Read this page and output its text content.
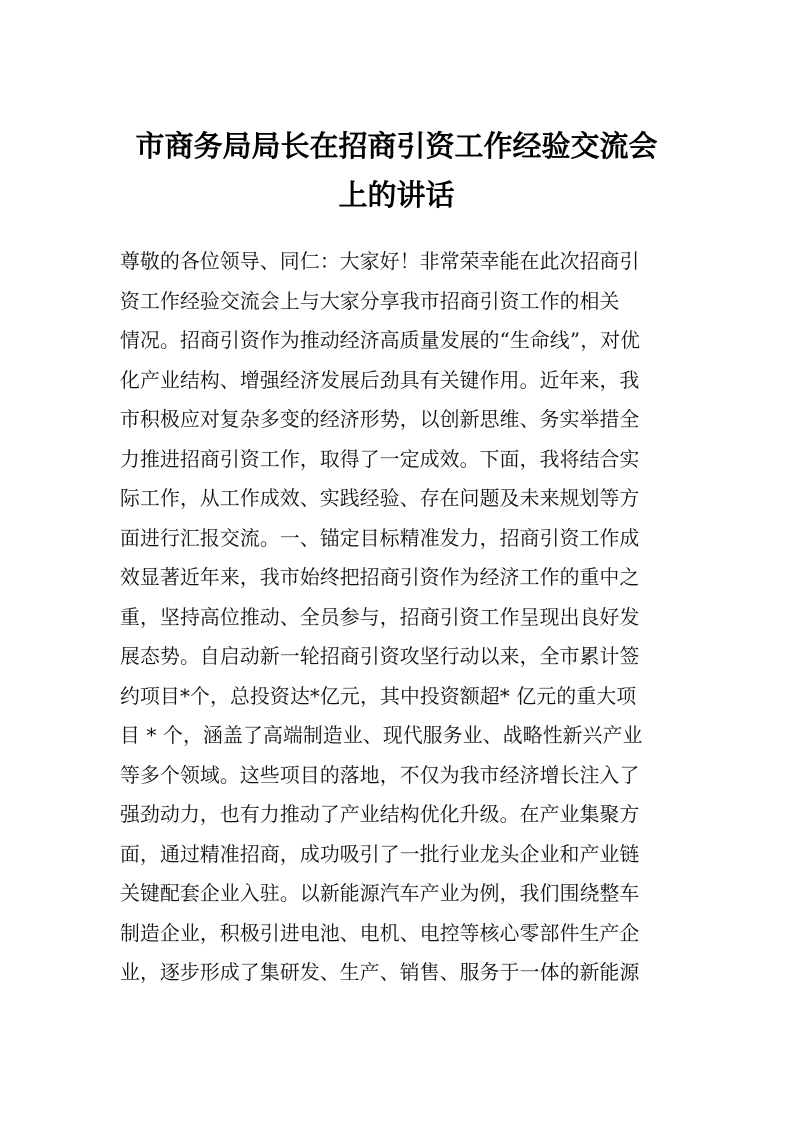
市商务局局长在招商引资工作经验交流会
上的讲话

尊敬的各位领导、同仁：大家好！非常荣幸能在此次招商引

资工作经验交流会上与大家分享我市招商引资工作的相关

情况。招商引资作为推动经济高质量发展的“生命线”，对优

化产业结构、增强经济发展后劲具有关键作用。近年来，我

市积极应对复杂多变的经济形势，以创新思维、务实举措全

力推进招商引资工作，取得了一定成效。下面，我将结合实

际工作，从工作成效、实践经验、存在问题及未来规划等方

面进行汇报交流。一、锚定目标精准发力，招商引资工作成

效显著近年来，我市始终把招商引资作为经济工作的重中之

重，坚持高位推动、全员参与，招商引资工作呈现出良好发

展态势。自启动新一轮招商引资攻坚行动以来，全市累计签

约项目*个，总投资达*亿元，其中投资额超* 亿元的重大项

目 * 个，涵盖了高端制造业、现代服务业、战略性新兴产业

等多个领域。这些项目的落地，不仅为我市经济增长注入了

强劲动力，也有力推动了产业结构优化升级。在产业集聚方

面，通过精准招商，成功吸引了一批行业龙头企业和产业链

关键配套企业入驻。以新能源汽车产业为例，我们围绕整车

制造企业，积极引进电池、电机、电控等核心零部件生产企

业，逐步形成了集研发、生产、销售、服务于一体的新能源
